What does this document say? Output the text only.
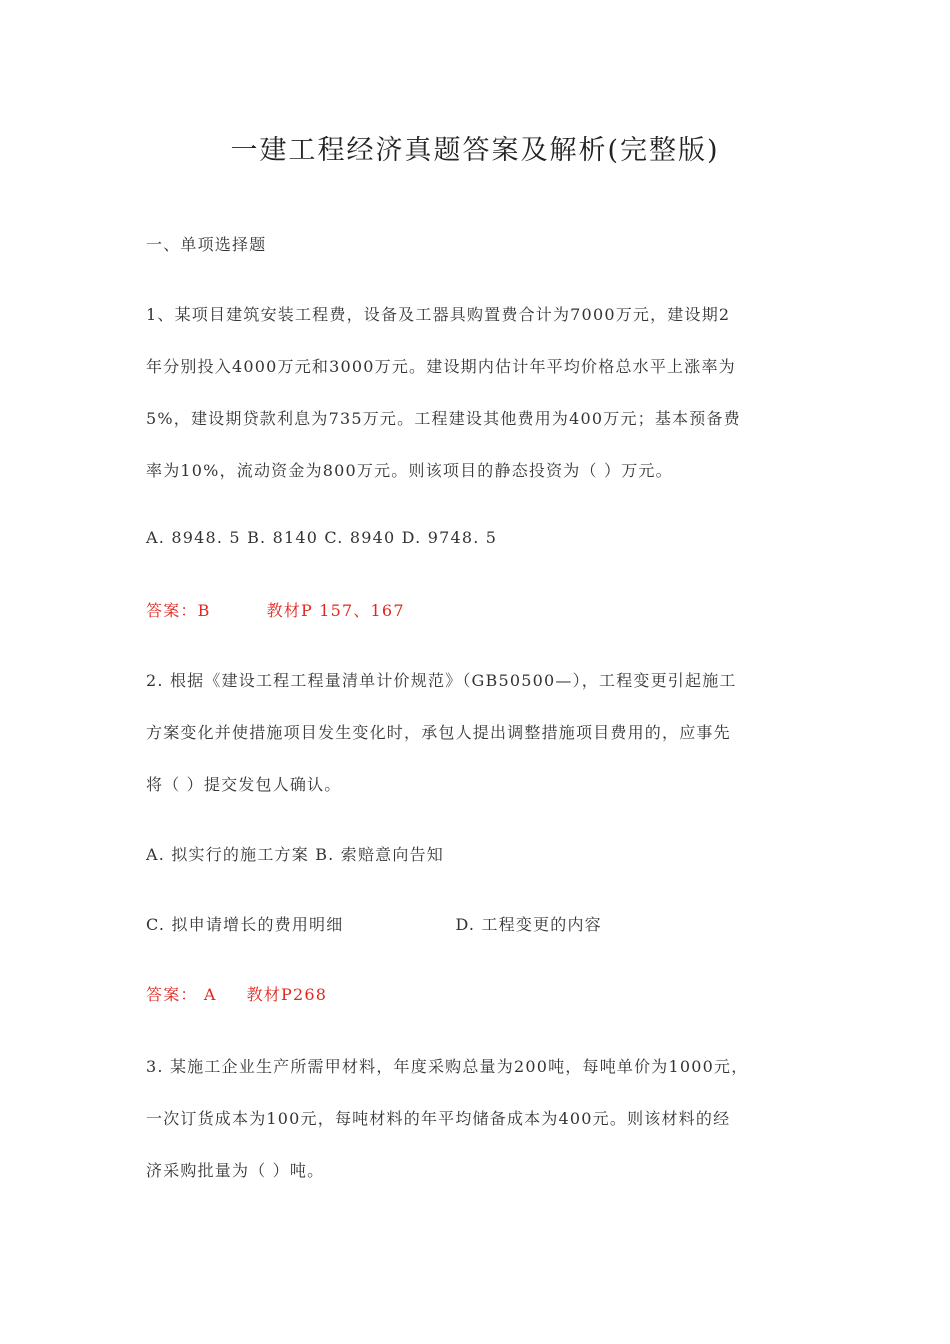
一建工程经济真题答案及解析(完整版)
一、单项选择题
1、某项目建筑安装工程费，设备及工器具购置费合计为7000万元，建设期2
年分别投入4000万元和3000万元。建设期内估计年平均价格总水平上涨率为
5%，建设期贷款利息为735万元。工程建设其他费用为400万元；基本预备费
率为10%，流动资金为800万元。则该项目的静态投资为（ ）万元。
A. 8948. 5 B. 8140 C. 8940 D. 9748. 5
答案：B	教材P 157、167
2. 根据《建设工程工程量清单计价规范》（GB50500—），工程变更引起施工
方案变化并使措施项目发生变化时，承包人提出调整措施项目费用的，应事先
将（ ）提交发包人确认。
A. 拟实行的施工方案 B. 索赔意向告知
C. 拟申请增长的费用明细	D. 工程变更的内容
答案： A 教材P268
3. 某施工企业生产所需甲材料，年度采购总量为200吨，每吨单价为1000元，
一次订货成本为100元，每吨材料的年平均储备成本为400元。则该材料的经
济采购批量为（ ）吨。
